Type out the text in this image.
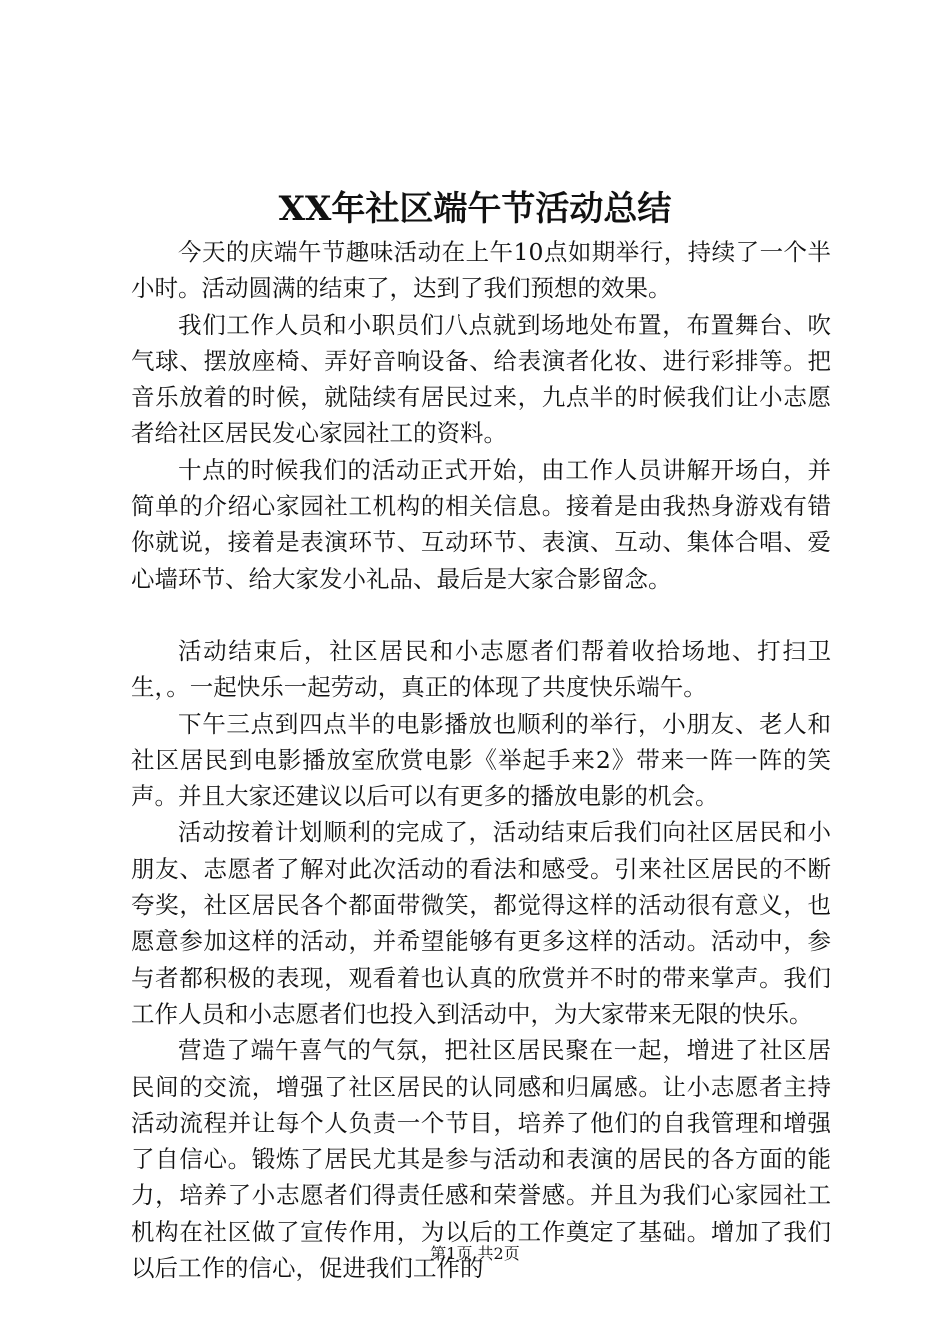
XX年社区端午节活动总结

今天的庆端午节趣味活动在上午10点如期举行，持续了一个半小时。活动圆满的结束了，达到了我们预想的效果。

我们工作人员和小职员们八点就到场地处布置，布置舞台、吹气球、摆放座椅、弄好音响设备、给表演者化妆、进行彩排等。把音乐放着的时候，就陆续有居民过来，九点半的时候我们让小志愿者给社区居民发心家园社工的资料。

十点的时候我们的活动正式开始，由工作人员讲解开场白，并简单的介绍心家园社工机构的相关信息。接着是由我热身游戏有错你就说，接着是表演环节、互动环节、表演、互动、集体合唱、爱心墙环节、给大家发小礼品、最后是大家合影留念。

活动结束后，社区居民和小志愿者们帮着收拾场地、打扫卫生，。一起快乐一起劳动，真正的体现了共度快乐端午。

下午三点到四点半的电影播放也顺利的举行，小朋友、老人和社区居民到电影播放室欣赏电影《举起手来2》带来一阵一阵的笑声。并且大家还建议以后可以有更多的播放电影的机会。

活动按着计划顺利的完成了，活动结束后我们向社区居民和小朋友、志愿者了解对此次活动的看法和感受。引来社区居民的不断夸奖，社区居民各个都面带微笑，都觉得这样的活动很有意义，也愿意参加这样的活动，并希望能够有更多这样的活动。活动中，参与者都积极的表现，观看着也认真的欣赏并不时的带来掌声。我们工作人员和小志愿者们也投入到活动中，为大家带来无限的快乐。

营造了端午喜气的气氛，把社区居民聚在一起，增进了社区居民间的交流，增强了社区居民的认同感和归属感。让小志愿者主持活动流程并让每个人负责一个节目，培养了他们的自我管理和增强了自信心。锻炼了居民尤其是参与活动和表演的居民的各方面的能力，培养了小志愿者们得责任感和荣誉感。并且为我们心家园社工机构在社区做了宣传作用，为以后的工作奠定了基础。增加了我们以后工作的信心，促进我们工作的

第1页 共2页
